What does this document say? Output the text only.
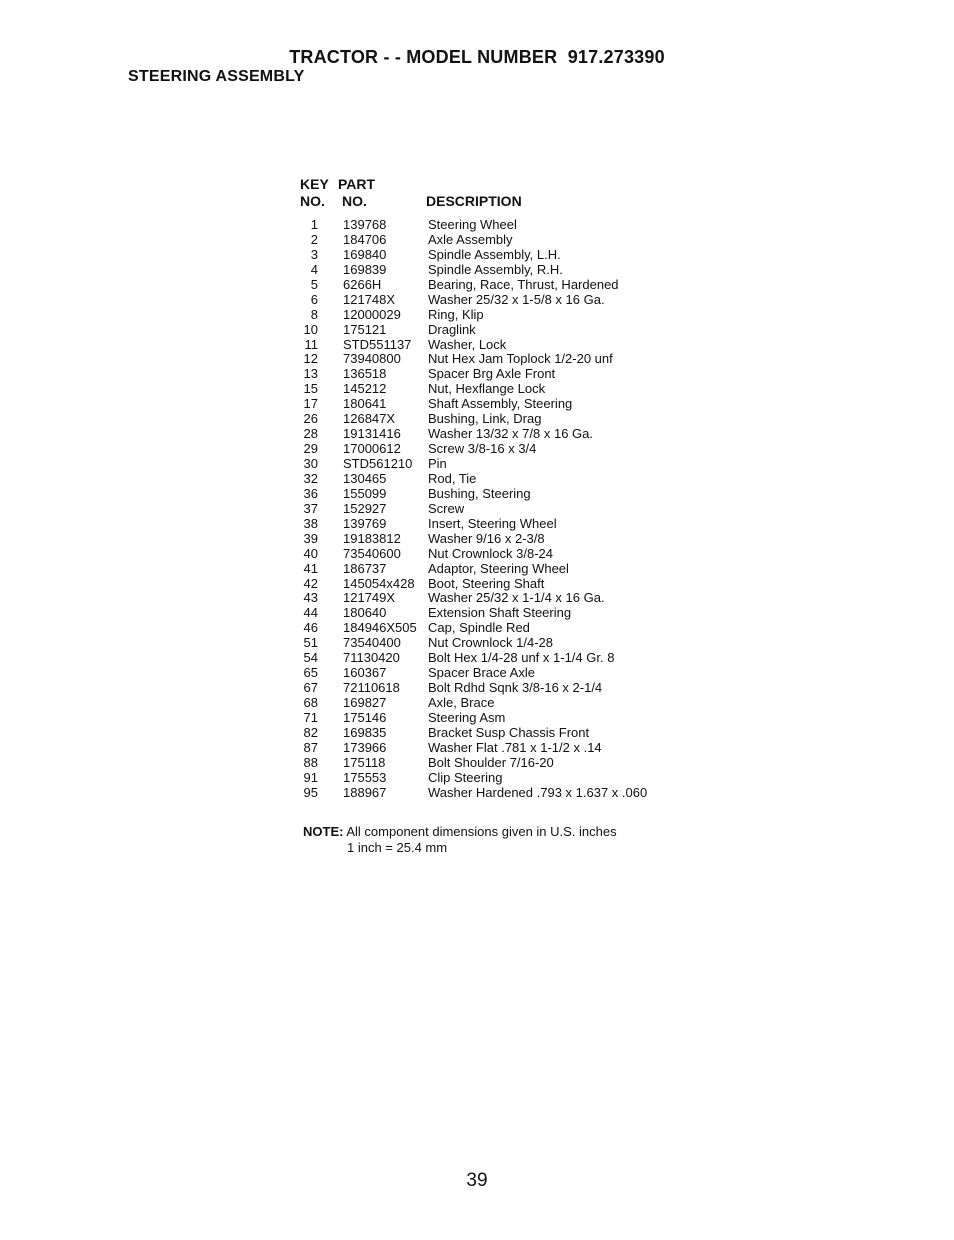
TRACTOR - - MODEL NUMBER  917.273390
STEERING ASSEMBLY
KEY PART
NO. NO.	DESCRIPTION
1 139768	Steering Wheel
2 184706	Axle Assembly
3 169840	Spindle Assembly, L.H.
4 169839	Spindle Assembly, R.H.
5 6266H	Bearing, Race, Thrust, Hardened
6 121748X	Washer 25/32 x 1-5/8 x 16 Ga.
8 12000029 Ring, Klip
10 175121	Draglink
11 STD551137 Washer, Lock
12 73940800 Nut Hex Jam Toplock 1/2-20 unf
13 136518	Spacer Brg Axle Front
15 145212	Nut, Hexflange Lock
17 180641	Shaft Assembly, Steering
26 126847X	Bushing, Link, Drag
28 19131416 Washer 13/32 x 7/8 x 16 Ga.
29 17000612 Screw 3/8-16 x 3/4
30 STD561210 Pin
32 130465	Rod, Tie
36 155099	Bushing, Steering
37 152927	Screw
38 139769	Insert, Steering Wheel
39 19183812 Washer 9/16 x 2-3/8
40 73540600 Nut Crownlock 3/8-24
41 186737	Adaptor, Steering Wheel
42 145054x428 Boot, Steering Shaft
43 121749X	Washer 25/32 x 1-1/4 x 16 Ga.
44 180640	Extension Shaft Steering
46 184946X505 Cap, Spindle Red
51 73540400 Nut Crownlock 1/4-28
54 71130420 Bolt Hex 1/4-28 unf x 1-1/4 Gr. 8
65 160367	Spacer Brace Axle
67 72110618 Bolt Rdhd Sqnk 3/8-16 x 2-1/4
68 169827	Axle, Brace
71 175146	Steering Asm
82 169835	Bracket Susp Chassis Front
87 173966	Washer Flat .781 x 1-1/2 x .14
88 175118	Bolt Shoulder 7/16-20
91 175553	Clip Steering
95 188967	Washer Hardened .793 x 1.637 x .060
NOTE: All component dimensions given in U.S. inches
1 inch = 25.4 mm
39
